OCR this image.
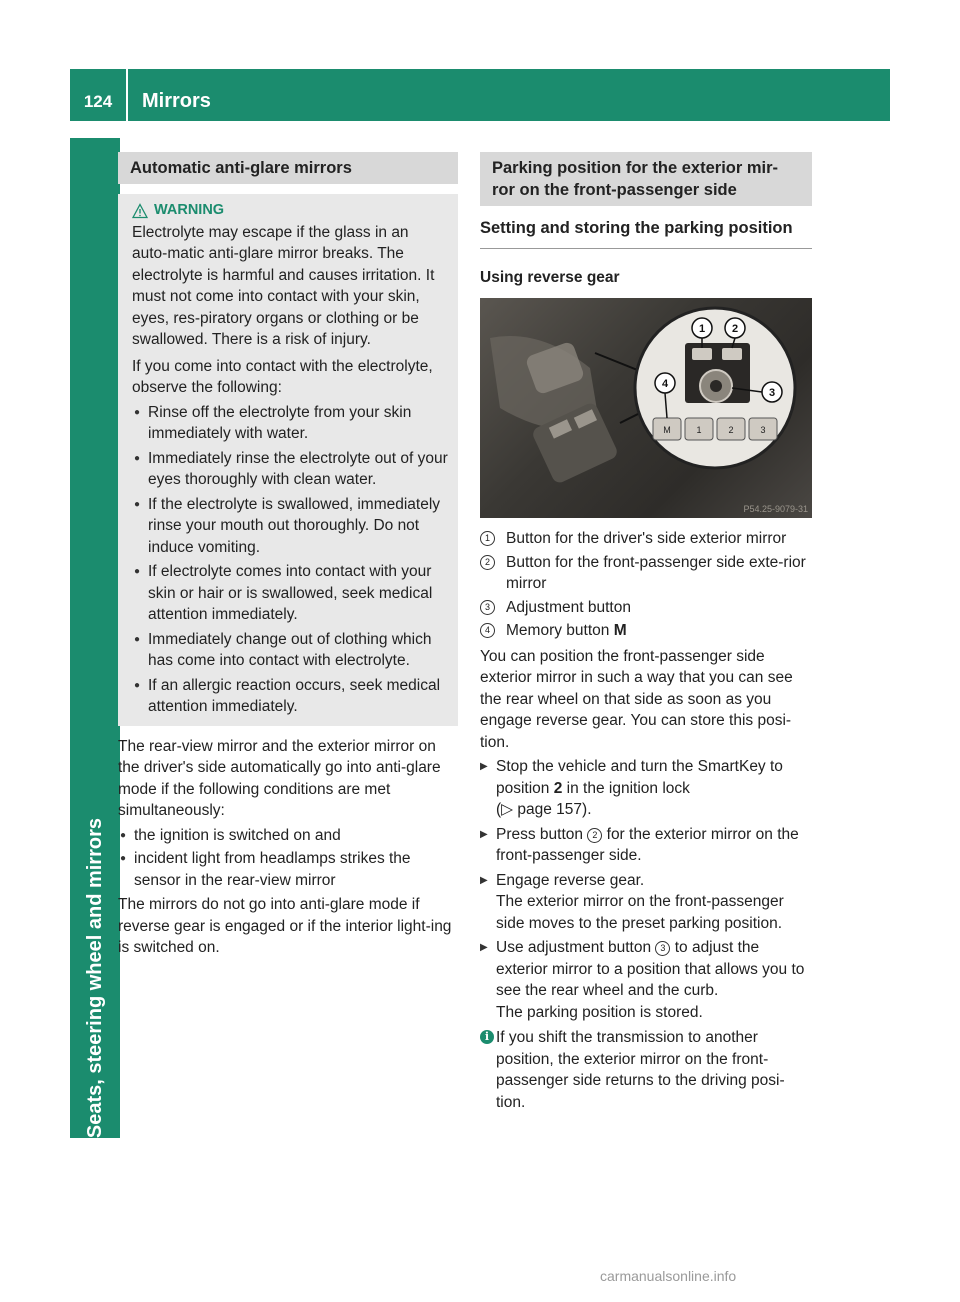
124	Mirrors
Seats, steering wheel and mirrors
Automatic anti-glare mirrors
WARNING

Electrolyte may escape if the glass in an auto-matic anti-glare mirror breaks. The electrolyte is harmful and causes irritation. It must not come into contact with your skin, eyes, res-piratory organs or clothing or be swallowed. There is a risk of injury.

If you come into contact with the electrolyte, observe the following:

● Rinse off the electrolyte from your skin immediately with water.

● Immediately rinse the electrolyte out of your eyes thoroughly with clean water.

● If the electrolyte is swallowed, immediately rinse your mouth out thoroughly. Do not induce vomiting.

● If electrolyte comes into contact with your skin or hair or is swallowed, seek medical attention immediately.

● Immediately change out of clothing which has come into contact with electrolyte.

● If an allergic reaction occurs, seek medical attention immediately.

The rear-view mirror and the exterior mirror on the driver's side automatically go into anti-glare mode if the following conditions are met simultaneously:

● the ignition is switched on and

● incident light from headlamps strikes the sensor in the rear-view mirror

The mirrors do not go into anti-glare mode if reverse gear is engaged or if the interior light-ing is switched on.

Parking position for the exterior mir-ror on the front-passenger side
Setting and storing the parking position
Using reverse gear
M	1	2	3
1 2
3
4
P54.25-9079-31

1	Button for the driver's side exterior mirror

2	Button for the front-passenger side exte-rior mirror

3	Adjustment button

4	Memory button M

You can position the front-passenger side exterior mirror in such a way that you can see the rear wheel on that side as soon as you engage reverse gear. You can store this posi-tion.

▶ Stop the vehicle and turn the SmartKey to position 2 in the ignition lock
(▷ page 157).

▶ Press button 2 for the exterior mirror on the front-passenger side.

▶ Engage reverse gear.
The exterior mirror on the front-passenger side moves to the preset parking position.

▶ Use adjustment button 3 to adjust the exterior mirror to a position that allows you to see the rear wheel and the curb.
The parking position is stored.

i If you shift the transmission to another position, the exterior mirror on the front-passenger side returns to the driving posi-tion.

carmanualsonline.info
